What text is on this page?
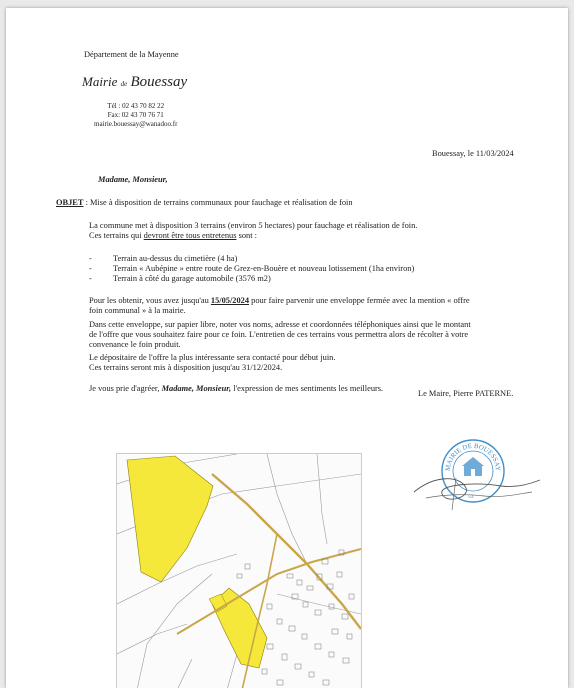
Département de la Mayenne
Mairie de Bouessay
Tél : 02 43 70 82 22
Fax: 02 43 70 76 71
mairie.bouessay@wanadoo.fr
Bouessay, le 11/03/2024
Madame, Monsieur,
OBJET : Mise à disposition de terrains communaux pour fauchage et réalisation de foin
La commune met à disposition 3 terrains (environ 5 hectares) pour fauchage et réalisation de foin.
Ces terrains qui devront être tous entretenus sont :
- Terrain au-dessus du cimetière (4 ha)
- Terrain « Aubépine » entre route de Grez-en-Bouère et nouveau lotissement (1ha environ)
- Terrain à côté du garage automobile (3576 m2)
Pour les obtenir, vous avez jusqu'au 15/05/2024 pour faire parvenir une enveloppe fermée avec la mention « offre
foin communal » à la mairie.
Dans cette enveloppe, sur papier libre, noter vos noms, adresse et coordonnées téléphoniques ainsi que le montant
de l'offre que vous souhaitez faire pour ce foin. L'entretien de ces terrains vous permettra alors de récolter à votre
convenance le foin produit.
Le dépositaire de l'offre la plus intéressante sera contacté pour début juin.
Ces terrains seront mis à disposition jusqu'au 31/12/2024.
Je vous prie d'agréer, Madame, Monsieur, l'expression de mes sentiments les meilleurs.
Le Maire, Pierre PATERNE.
MAIRIE DE BOUESSAY
53
